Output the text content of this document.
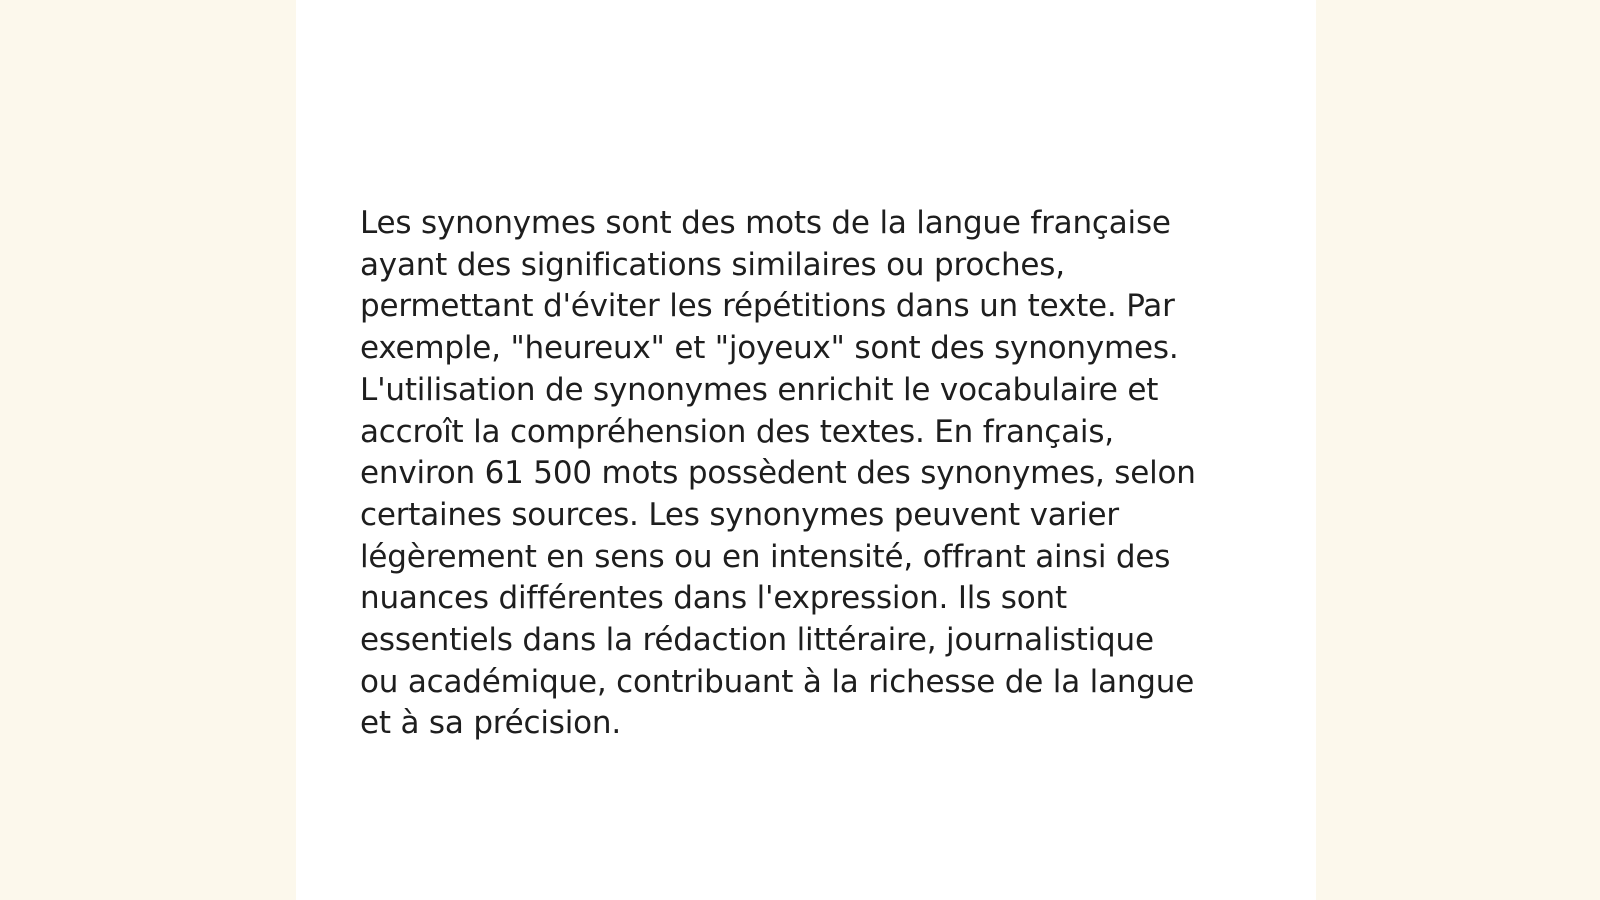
Les synonymes sont des mots de la langue française
ayant des significations similaires ou proches,
permettant d'éviter les répétitions dans un texte. Par
exemple, "heureux" et "joyeux" sont des synonymes.
L'utilisation de synonymes enrichit le vocabulaire et
accroît la compréhension des textes. En français,
environ 61 500 mots possèdent des synonymes, selon
certaines sources. Les synonymes peuvent varier
légèrement en sens ou en intensité, offrant ainsi des
nuances différentes dans l'expression. Ils sont
essentiels dans la rédaction littéraire, journalistique
ou académique, contribuant à la richesse de la langue
et à sa précision.
